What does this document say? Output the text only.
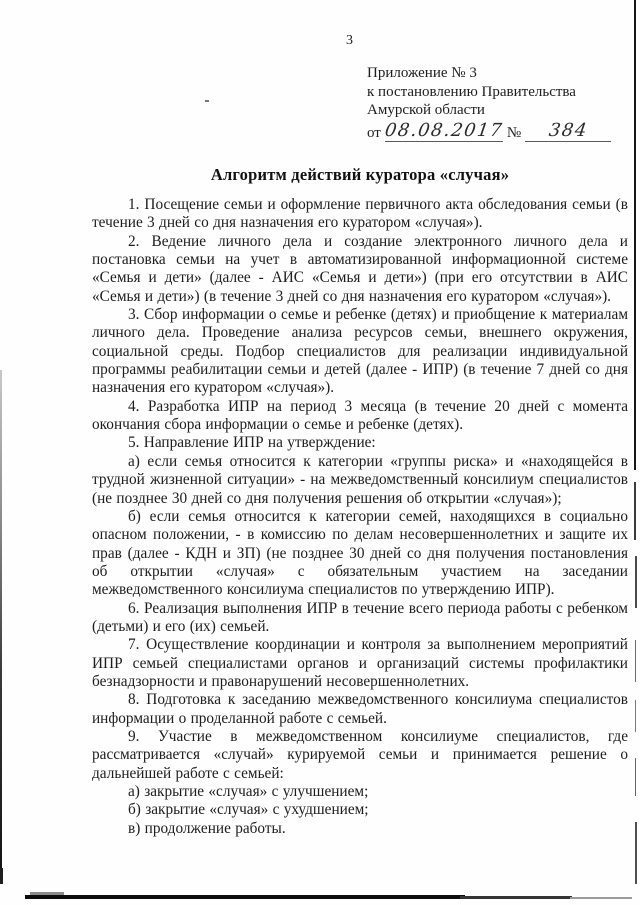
3
Приложение № 3
к постановлению Правительства
Амурской области
от 08.08.2017 №	384
Алгоритм действий куратора «случая»

1. Посещение семьи и оформление первичного акта обследования семьи (в течение 3 дней со дня назначения его куратором «случая»).

2. Ведение личного дела и создание электронного личного дела и постановка семьи на учет в автоматизированной информационной системе «Семья и дети» (далее - АИС «Семья и дети») (при его отсутствии в АИС «Семья и дети») (в течение 3 дней со дня назначения его куратором «случая»).

3. Сбор информации о семье и ребенке (детях) и приобщение к материалам личного дела. Проведение анализа ресурсов семьи, внешнего окружения, социальной среды. Подбор специалистов для реализации индивидуальной программы реабилитации семьи и детей (далее - ИПР) (в течение 7 дней со дня назначения его куратором «случая»).

4. Разработка ИПР на период 3 месяца (в течение 20 дней с момента окончания сбора информации о семье и ребенке (детях).

5. Направление ИПР на утверждение:

а) если семья относится к категории «группы риска» и «находящейся в трудной жизненной ситуации» - на межведомственный консилиум специалистов (не позднее 30 дней со дня получения решения об открытии «случая»);

б) если семья относится к категории семей, находящихся в социально опасном положении, - в комиссию по делам несовершеннолетних и защите их прав (далее - КДН и ЗП) (не позднее 30 дней со дня получения постановления об открытии «случая» с обязательным участием на заседании межведомственного консилиума специалистов по утверждению ИПР).

6. Реализация выполнения ИПР в течение всего периода работы с ребенком (детьми) и его (их) семьей.

7. Осуществление координации и контроля за выполнением мероприятий ИПР семьей специалистами органов и организаций системы профилактики безнадзорности и правонарушений несовершеннолетних.

8. Подготовка к заседанию межведомственного консилиума специалистов информации о проделанной работе с семьей.

9. Участие в межведомственном консилиуме специалистов, где рассматривается «случай» курируемой семьи и принимается решение о дальнейшей работе с семьей:

а) закрытие «случая» с улучшением;

б) закрытие «случая» с ухудшением;

в) продолжение работы.
